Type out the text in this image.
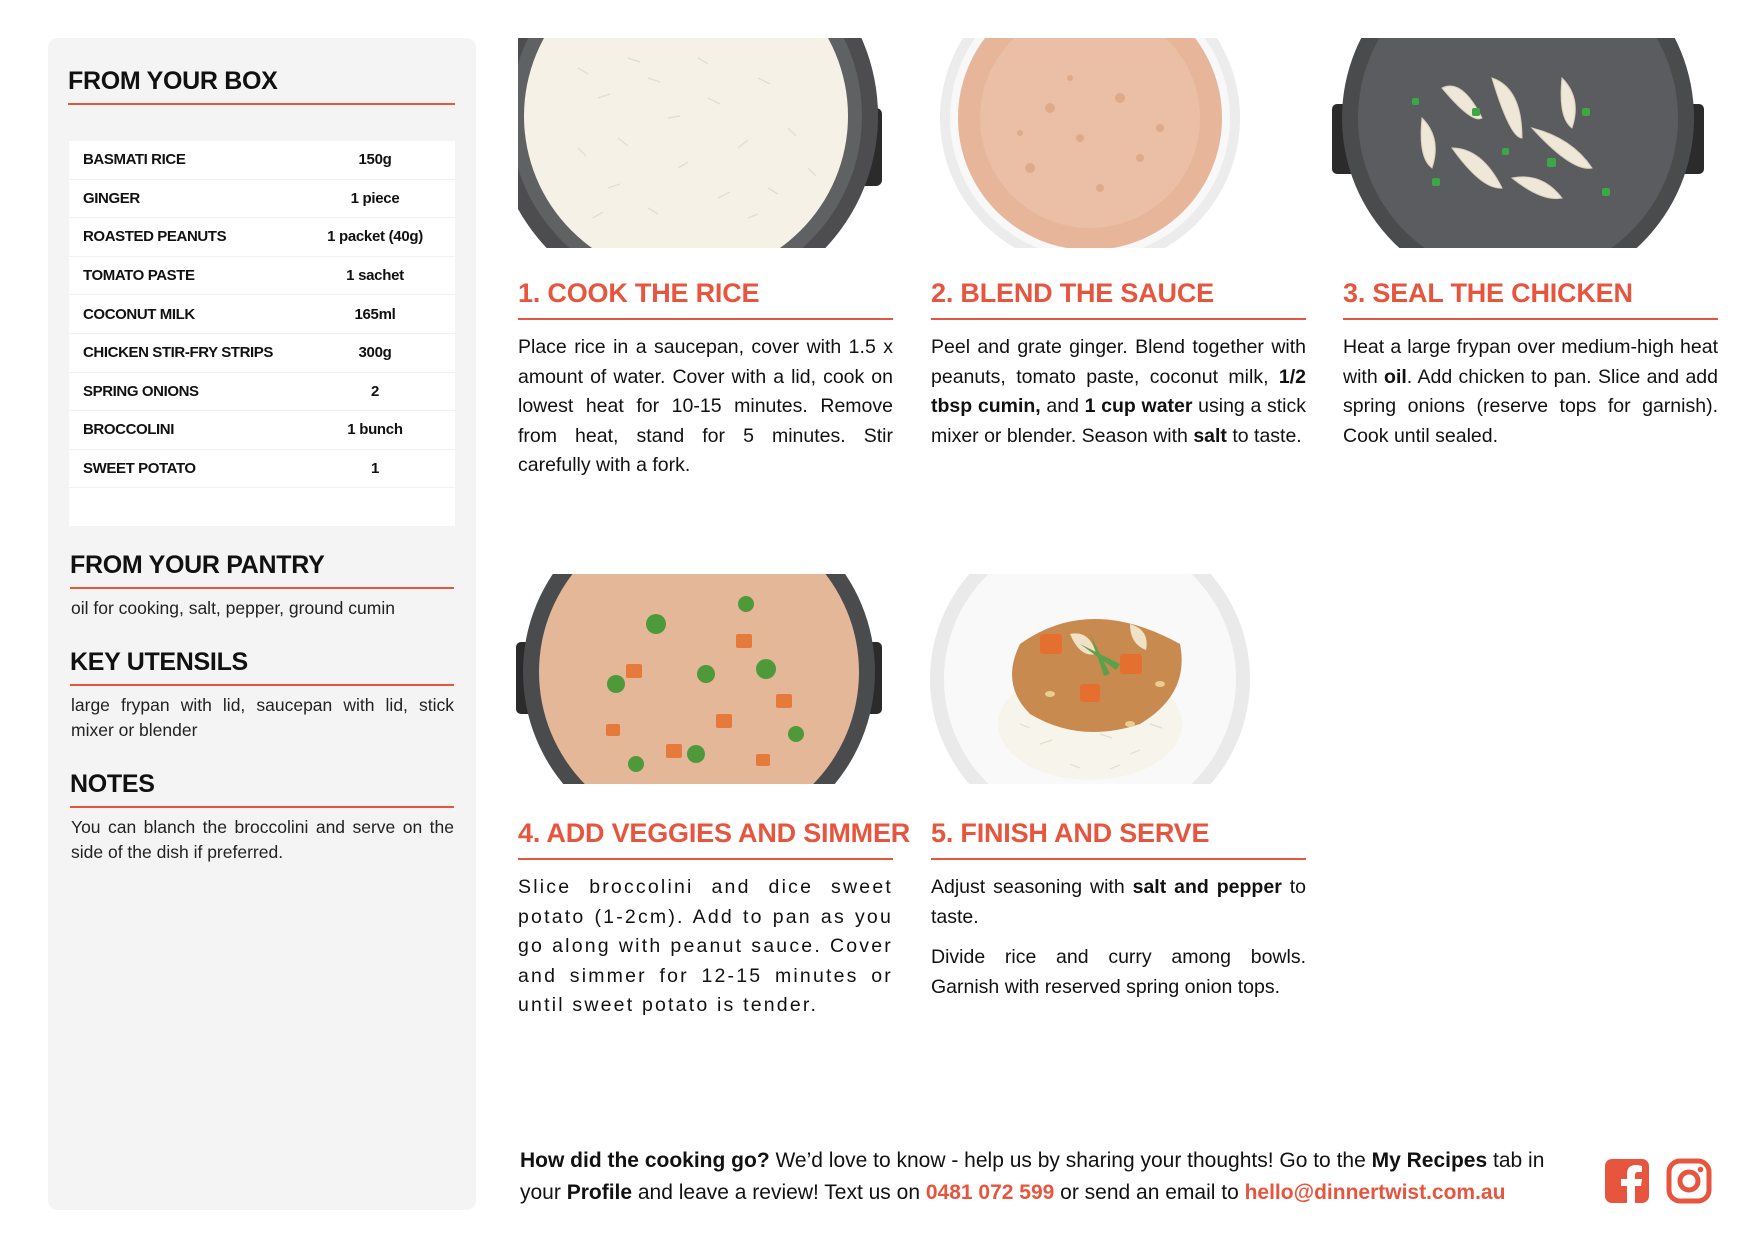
FROM YOUR BOX
BASMATI RICE	150g
GINGER	1 piece
ROASTED PEANUTS	1 packet (40g)
TOMATO PASTE	1 sachet
COCONUT MILK	165ml
CHICKEN STIR-FRY STRIPS	300g
SPRING ONIONS	2
BROCCOLINI	1 bunch
SWEET POTATO	1
FROM YOUR PANTRY
oil for cooking, salt, pepper, ground cumin
KEY UTENSILS
large frypan with lid, saucepan with lid, stick mixer or blender
NOTES
You can blanch the broccolini and serve on the side of the dish if preferred.
1. COOK THE RICE
Place rice in a saucepan, cover with 1.5 x amount of water. Cover with a lid, cook on lowest heat for 10-15 minutes. Remove from heat, stand for 5 minutes. Stir carefully with a fork.
2. BLEND THE SAUCE
Peel and grate ginger. Blend together with peanuts, tomato paste, coconut milk, 1/2 tbsp cumin, and 1 cup water using a stick mixer or blender. Season with salt to taste.
3. SEAL THE CHICKEN
Heat a large frypan over medium-high heat with oil. Add chicken to pan. Slice and add spring onions (reserve tops for garnish). Cook until sealed.
4. ADD VEGGIES AND SIMMER
Slice broccolini and dice sweet potato (1-2cm). Add to pan as you go along with peanut sauce. Cover and simmer for 12-15 minutes or until sweet potato is tender.
5. FINISH AND SERVE
Adjust seasoning with salt and pepper to taste.
Divide rice and curry among bowls. Garnish with reserved spring onion tops.
How did the cooking go? We’d love to know - help us by sharing your thoughts! Go to the My Recipes tab in your Profile and leave a review! Text us on 0481 072 599 or send an email to hello@dinnertwist.com.au
